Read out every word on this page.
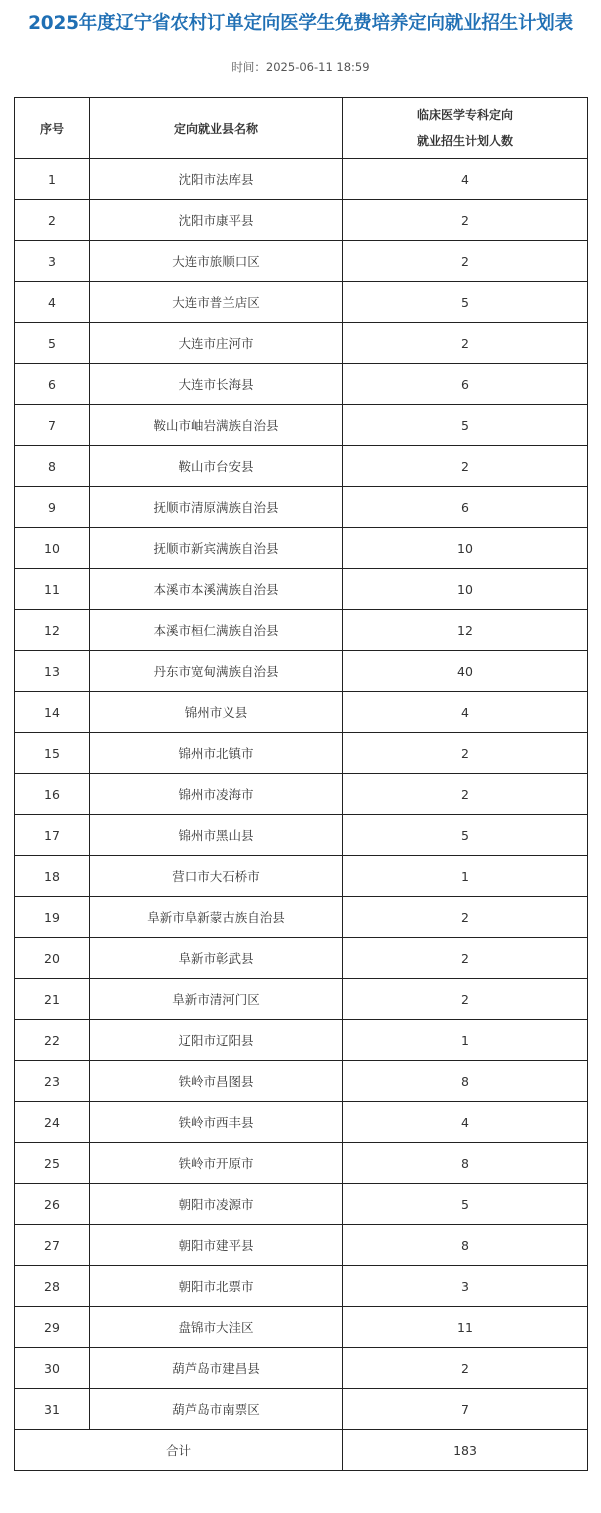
2025年度辽宁省农村订单定向医学生免费培养定向就业招生计划表
时间：2025-06-11 18:59
序号	定向就业县名称	临床医学专科定向
就业招生计划人数

1	沈阳市法库县	4
2	沈阳市康平县	2
3	大连市旅顺口区	2
4	大连市普兰店区	5
5	大连市庄河市	2
6	大连市长海县	6
7	鞍山市岫岩满族自治县	5
8	鞍山市台安县	2
9	抚顺市清原满族自治县	6
10	抚顺市新宾满族自治县	10
11	本溪市本溪满族自治县	10
12	本溪市桓仁满族自治县	12
13	丹东市宽甸满族自治县	40
14	锦州市义县	4
15	锦州市北镇市	2
16	锦州市凌海市	2
17	锦州市黑山县	5
18	营口市大石桥市	1
19	阜新市阜新蒙古族自治县	2
20	阜新市彰武县	2
21	阜新市清河门区	2
22	辽阳市辽阳县	1
23	铁岭市昌图县	8
24	铁岭市西丰县	4
25	铁岭市开原市	8
26	朝阳市凌源市	5
27	朝阳市建平县	8
28	朝阳市北票市	3
29	盘锦市大洼区	11
30	葫芦岛市建昌县	2
31	葫芦岛市南票区	7
合计		183
